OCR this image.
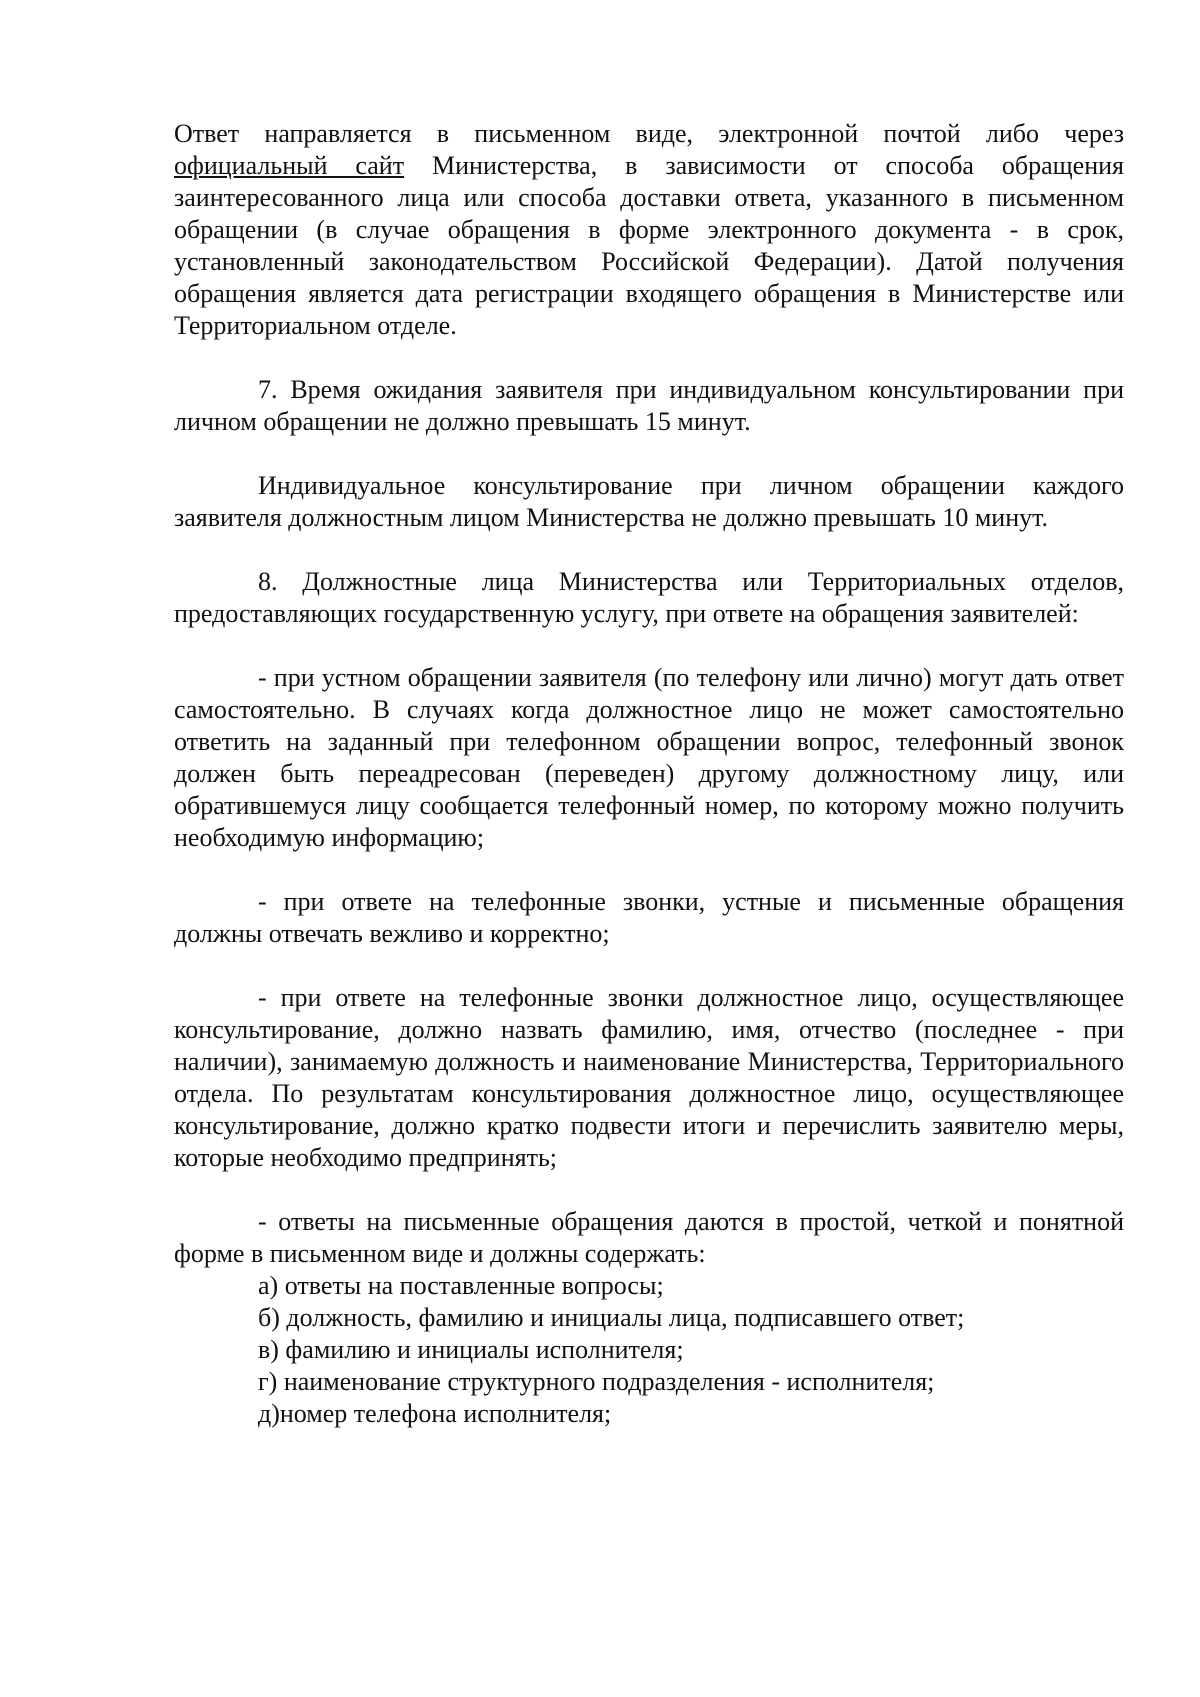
Ответ направляется в письменном виде, электронной почтой либо через официальный сайт Министерства, в зависимости от способа обращения заинтересованного лица или способа доставки ответа, указанного в письменном обращении (в случае обращения в форме электронного документа - в срок, установленный законодательством Российской Федерации). Датой получения обращения является дата регистрации входящего обращения в Министерстве или Территориальном отделе.

7. Время ожидания заявителя при индивидуальном консультировании при личном обращении не должно превышать 15 минут.

Индивидуальное консультирование при личном обращении каждого заявителя должностным лицом Министерства не должно превышать 10 минут.

8. Должностные лица Министерства или Территориальных отделов, предоставляющих государственную услугу, при ответе на обращения заявителей:

- при устном обращении заявителя (по телефону или лично) могут дать ответ самостоятельно. В случаях когда должностное лицо не может самостоятельно ответить на заданный при телефонном обращении вопрос, телефонный звонок должен быть переадресован (переведен) другому должностному лицу, или обратившемуся лицу сообщается телефонный номер, по которому можно получить необходимую информацию;

- при ответе на телефонные звонки, устные и письменные обращения должны отвечать вежливо и корректно;

- при ответе на телефонные звонки должностное лицо, осуществляющее консультирование, должно назвать фамилию, имя, отчество (последнее - при наличии), занимаемую должность и наименование Министерства, Территориального отдела. По результатам консультирования должностное лицо, осуществляющее консультирование, должно кратко подвести итоги и перечислить заявителю меры, которые необходимо предпринять;

- ответы на письменные обращения даются в простой, четкой и понятной форме в письменном виде и должны содержать:

а) ответы на поставленные вопросы;
б) должность, фамилию и инициалы лица, подписавшего ответ;
в) фамилию и инициалы исполнителя;
г) наименование структурного подразделения - исполнителя;
д)номер телефона исполнителя;
